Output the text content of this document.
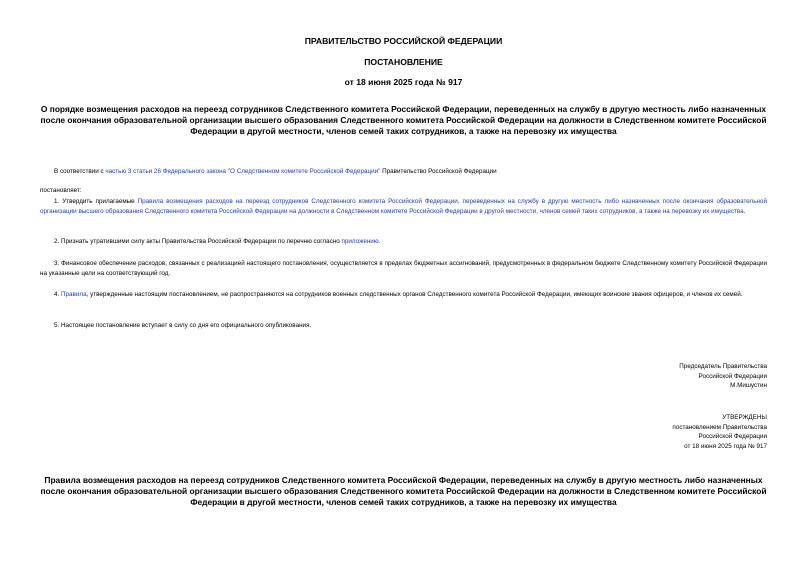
ПРАВИТЕЛЬСТВО РОССИЙСКОЙ ФЕДЕРАЦИИ
ПОСТАНОВЛЕНИЕ
от 18 июня 2025 года № 917
О порядке возмещения расходов на переезд сотрудников Следственного комитета Российской Федерации, переведенных на службу в другую местность либо назначенных после окончания образовательной организации высшего образования Следственного комитета Российской Федерации на должности в Следственном комитете Российской Федерации в другой местности, членов семей таких сотрудников, а также на перевозку их имущества
В соответствии с частью 3 статьи 26 Федерального закона "О Следственном комитете Российской Федерации" Правительство Российской Федерации
постановляет:
1. Утвердить прилагаемые Правила возмещения расходов на переезд сотрудников Следственного комитета Российской Федерации, переведенных на службу в другую местность либо назначенных после окончания образовательной организации высшего образования Следственного комитета Российской Федерации на должности в Следственном комитете Российской Федерации в другой местности, членов семей таких сотрудников, а также на перевозку их имущества.
2. Признать утратившими силу акты Правительства Российской Федерации по перечню согласно приложению.
3. Финансовое обеспечение расходов, связанных с реализацией настоящего постановления, осуществляется в пределах бюджетных ассигнований, предусмотренных в федеральном бюджете Следственному комитету Российской Федерации на указанные цели на соответствующий год.
4. Правила, утвержденные настоящим постановлением, не распространяются на сотрудников военных следственных органов Следственного комитета Российской Федерации, имеющих воинские звания офицеров, и членов их семей.
5. Настоящее постановление вступает в силу со дня его официального опубликования.
Председатель Правительства
Российской Федерации
М.Мишустин
УТВЕРЖДЕНЫ
постановлением Правительства
Российской Федерации
от 18 июня 2025 года № 917
Правила возмещения расходов на переезд сотрудников Следственного комитета Российской Федерации, переведенных на службу в другую местность либо назначенных после окончания образовательной организации высшего образования Следственного комитета Российской Федерации на должности в Следственном комитете Российской Федерации в другой местности, членов семей таких сотрудников, а также на перевозку их имущества
